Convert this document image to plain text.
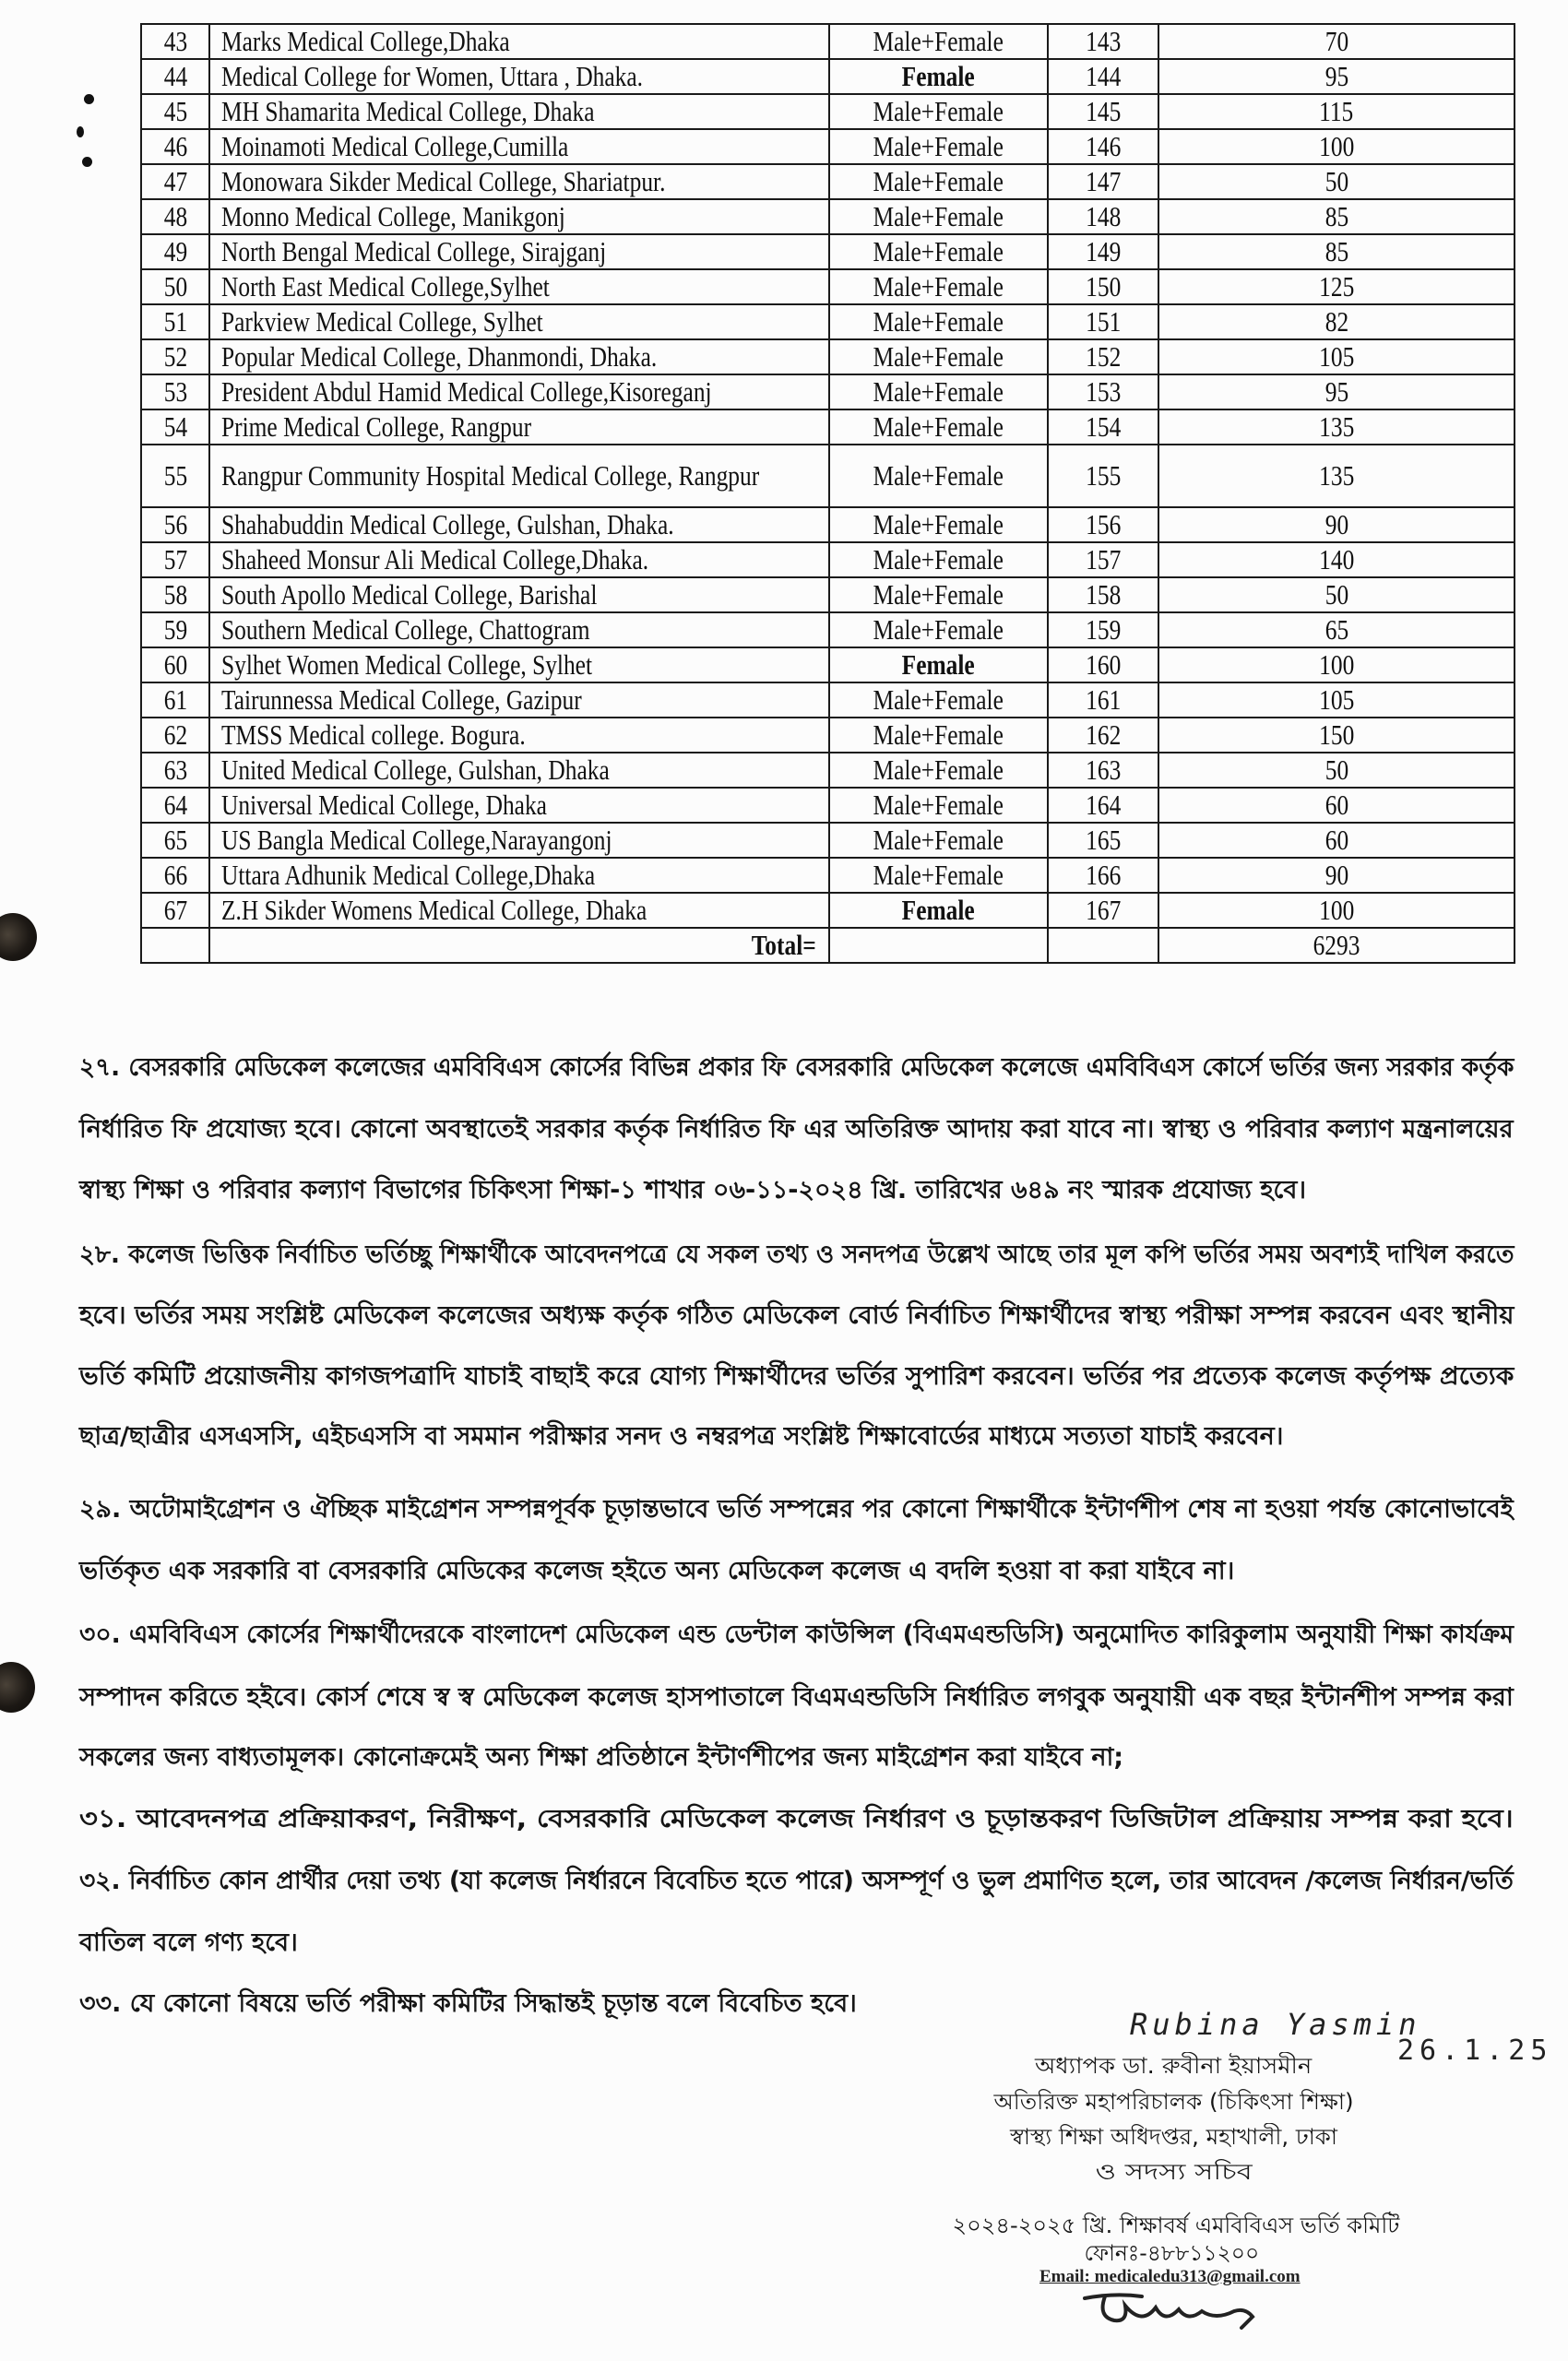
43	Marks Medical College,Dhaka	Male+Female	143	70
44	Medical College for Women, Uttara , Dhaka.	Female	144	95
45	MH Shamarita Medical College, Dhaka	Male+Female	145	115
46	Moinamoti Medical College,Cumilla	Male+Female	146	100
47	Monowara Sikder Medical College, Shariatpur.	Male+Female	147	50
48	Monno Medical College, Manikgonj	Male+Female	148	85
49	North Bengal Medical College, Sirajganj	Male+Female	149	85
50	North East Medical College,Sylhet	Male+Female	150	125
51	Parkview Medical College, Sylhet	Male+Female	151	82
52	Popular Medical College, Dhanmondi, Dhaka.	Male+Female	152	105
53	President Abdul Hamid Medical College,Kisoreganj	Male+Female	153	95
54	Prime Medical College, Rangpur	Male+Female	154	135
55	Rangpur Community Hospital Medical College, Rangpur	Male+Female	155	135
56	Shahabuddin Medical College, Gulshan, Dhaka.	Male+Female	156	90
57	Shaheed Monsur Ali Medical College,Dhaka.	Male+Female	157	140
58	South Apollo Medical College, Barishal	Male+Female	158	50
59	Southern Medical College, Chattogram	Male+Female	159	65
60	Sylhet Women Medical College, Sylhet	Female	160	100
61	Tairunnessa Medical College, Gazipur	Male+Female	161	105
62	TMSS Medical college. Bogura.	Male+Female	162	150
63	United Medical College, Gulshan, Dhaka	Male+Female	163	50
64	Universal Medical College, Dhaka	Male+Female	164	60
65	US Bangla Medical College,Narayangonj	Male+Female	165	60
66	Uttara Adhunik Medical College,Dhaka	Male+Female	166	90
67	Z.H Sikder Womens Medical College, Dhaka	Female	167	100
	Total=			6293
২৭. বেসরকারি মেডিকেল কলেজের এমবিবিএস কোর্সের বিভিন্ন প্রকার ফি বেসরকারি মেডিকেল কলেজে এমবিবিএস কোর্সে ভর্তির জন্য সরকার কর্তৃক
নির্ধারিত ফি প্রযোজ্য হবে। কোনো অবস্থাতেই সরকার কর্তৃক নির্ধারিত ফি এর অতিরিক্ত আদায় করা যাবে না। স্বাস্থ্য ও পরিবার কল্যাণ মন্ত্রনালয়ের
স্বাস্থ্য শিক্ষা ও পরিবার কল্যাণ বিভাগের চিকিৎসা শিক্ষা-১ শাখার ০৬-১১-২০২৪ খ্রি. তারিখের ৬৪৯ নং স্মারক প্রযোজ্য হবে।
২৮. কলেজ ভিত্তিক নির্বাচিত ভর্তিচ্ছু শিক্ষার্থীকে আবেদনপত্রে যে সকল তথ্য ও সনদপত্র উল্লেখ আছে তার মূল কপি ভর্তির সময় অবশ্যই দাখিল করতে
হবে। ভর্তির সময় সংশ্লিষ্ট মেডিকেল কলেজের অধ্যক্ষ কর্তৃক গঠিত মেডিকেল বোর্ড নির্বাচিত শিক্ষার্থীদের স্বাস্থ্য পরীক্ষা সম্পন্ন করবেন এবং স্থানীয়
ভর্তি কমিটি প্রয়োজনীয় কাগজপত্রাদি যাচাই বাছাই করে যোগ্য শিক্ষার্থীদের ভর্তির সুপারিশ করবেন। ভর্তির পর প্রত্যেক কলেজ কর্তৃপক্ষ প্রত্যেক
ছাত্র/ছাত্রীর এসএসসি, এইচএসসি বা সমমান পরীক্ষার সনদ ও নম্বরপত্র সংশ্লিষ্ট শিক্ষাবোর্ডের মাধ্যমে সত্যতা যাচাই করবেন।
২৯. অটোমাইগ্রেশন ও ঐচ্ছিক মাইগ্রেশন সম্পন্নপূর্বক চূড়ান্তভাবে ভর্তি সম্পন্নের পর কোনো শিক্ষার্থীকে ইন্টার্ণশীপ শেষ না হওয়া পর্যন্ত কোনোভাবেই
ভর্তিকৃত এক সরকারি বা বেসরকারি মেডিকের কলেজ হইতে অন্য মেডিকেল কলেজ এ বদলি হওয়া বা করা যাইবে না।
৩০. এমবিবিএস কোর্সের শিক্ষার্থীদেরকে বাংলাদেশ মেডিকেল এন্ড ডেন্টাল কাউন্সিল (বিএমএন্ডডিসি) অনুমোদিত কারিকুলাম অনুযায়ী শিক্ষা কার্যক্রম
সম্পাদন করিতে হইবে। কোর্স শেষে স্ব স্ব মেডিকেল কলেজ হাসপাতালে বিএমএন্ডডিসি নির্ধারিত লগবুক অনুযায়ী এক বছর ইন্টার্নশীপ সম্পন্ন করা
সকলের জন্য বাধ্যতামূলক। কোনোক্রমেই অন্য শিক্ষা প্রতিষ্ঠানে ইন্টার্ণশীপের জন্য মাইগ্রেশন করা যাইবে না;
৩১. আবেদনপত্র প্রক্রিয়াকরণ, নিরীক্ষণ, বেসরকারি মেডিকেল কলেজ নির্ধারণ ও চূড়ান্তকরণ ডিজিটাল প্রক্রিয়ায় সম্পন্ন করা হবে।
৩২. নির্বাচিত কোন প্রার্থীর দেয়া তথ্য (যা কলেজ নির্ধারনে বিবেচিত হতে পারে) অসম্পূর্ণ ও ভুল প্রমাণিত হলে, তার আবেদন /কলেজ নির্ধারন/ভর্তি
বাতিল বলে গণ্য হবে।
৩৩. যে কোনো বিষয়ে ভর্তি পরীক্ষা কমিটির সিদ্ধান্তই চূড়ান্ত বলে বিবেচিত হবে।
Rubina Yasmin
26.1.25
অধ্যাপক ডা. রুবীনা ইয়াসমীন
অতিরিক্ত মহাপরিচালক (চিকিৎসা শিক্ষা)
স্বাস্থ্য শিক্ষা অধিদপ্তর, মহাখালী, ঢাকা
ও সদস্য সচিব
২০২৪-২০২৫ খ্রি. শিক্ষাবর্ষ এমবিবিএস ভর্তি কমিটি
ফোনঃ-৪৮৮১১২০০
Email: medicaledu313@gmail.com
